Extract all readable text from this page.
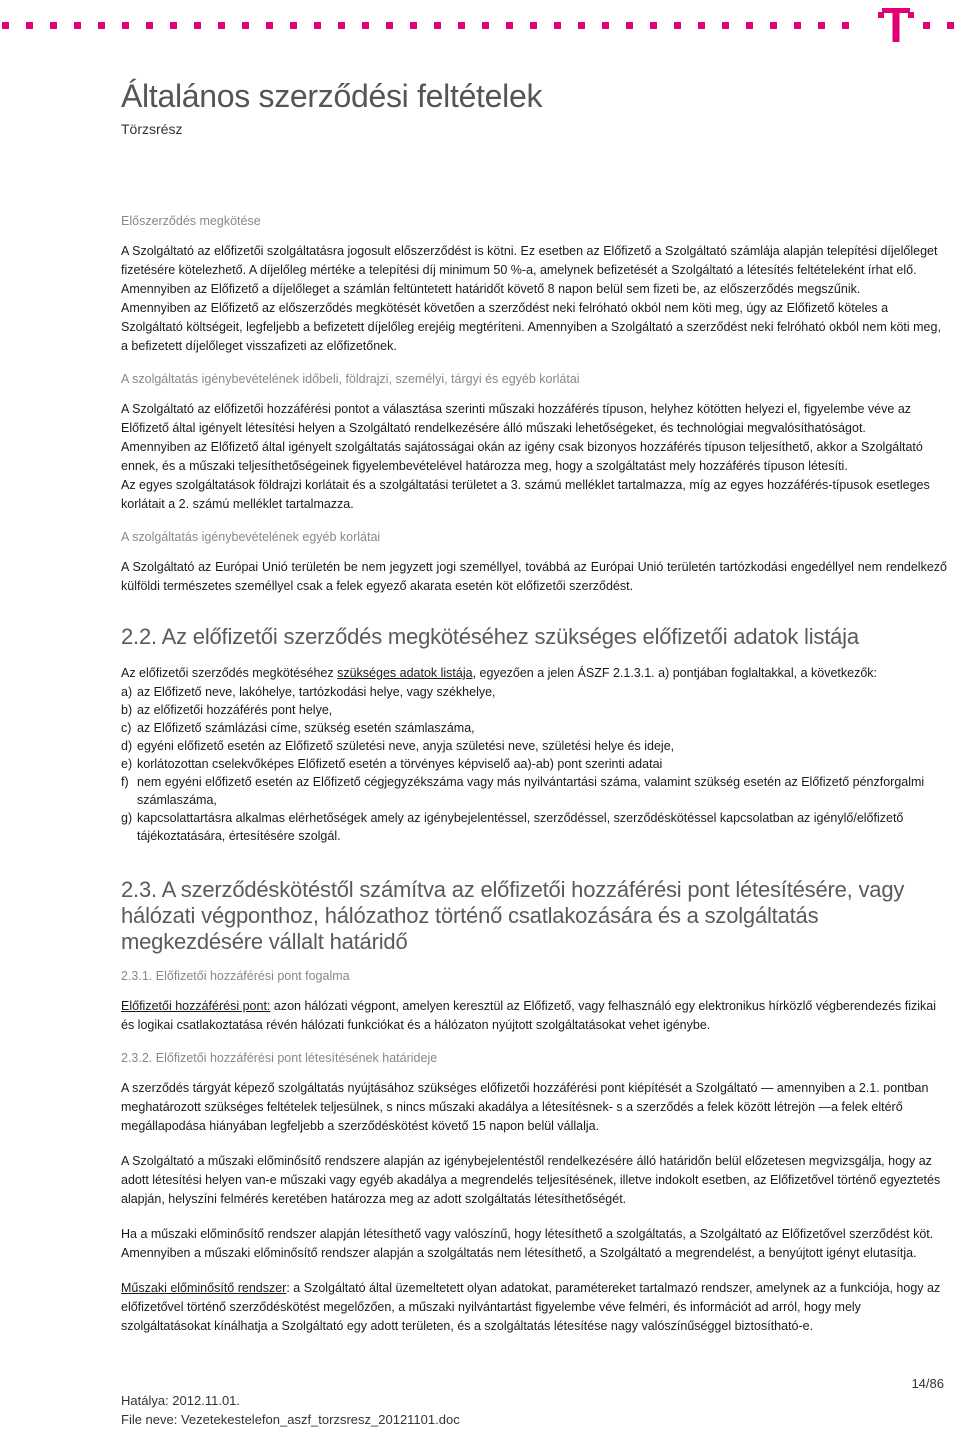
Általános szerződési feltételek
Törzsrész
Előszerződés megkötése

A Szolgáltató az előfizetői szolgáltatásra jogosult előszerződést is kötni. Ez esetben az Előfizető a Szolgáltató számlája alapján telepítési díjelőleget fizetésére kötelezhető. A díjelőleg mértéke a telepítési díj minimum 50 %-a, amelynek befizetését a Szolgáltató a létesítés feltételeként írhat elő. Amennyiben az Előfizető a díjelőleget a számlán feltüntetett határidőt követő 8 napon belül sem fizeti be, az előszerződés megszűnik.

Amennyiben az Előfizető az előszerződés megkötését követően a szerződést neki felróható okból nem köti meg, úgy az Előfizető köteles a Szolgáltató költségeit, legfeljebb a befizetett díjelőleg erejéig megtéríteni. Amennyiben a Szolgáltató a szerződést neki felróható okból nem köti meg, a befizetett díjelőleget visszafizeti az előfizetőnek.

A szolgáltatás igénybevételének időbeli, földrajzi, személyi, tárgyi és egyéb korlátai

A Szolgáltató az előfizetői hozzáférési pontot a választása szerinti műszaki hozzáférés típuson, helyhez kötötten helyezi el, figyelembe véve az Előfizető által igényelt létesítési helyen a Szolgáltató rendelkezésére álló műszaki lehetőségeket, és technológiai megvalósíthatóságot.

Amennyiben az Előfizető által igényelt szolgáltatás sajátosságai okán az igény csak bizonyos hozzáférés típuson teljesíthető, akkor a Szolgáltató ennek, és a műszaki teljesíthetőségeinek figyelembevételével határozza meg, hogy a szolgáltatást mely hozzáférés típuson létesíti.

Az egyes szolgáltatások földrajzi korlátait és a szolgáltatási területet a 3. számú melléklet tartalmazza, míg az egyes hozzáférés-típusok esetleges korlátait a 2. számú melléklet tartalmazza.

A szolgáltatás igénybevételének egyéb korlátai

A Szolgáltató az Európai Unió területén be nem jegyzett jogi személlyel, továbbá az Európai Unió területén tartózkodási engedéllyel nem rendelkező külföldi természetes személlyel csak a felek egyező akarata esetén köt előfizetői szerződést.

2.2. Az előfizetői szerződés megkötéséhez szükséges előfizetői adatok listája

Az előfizetői szerződés megkötéséhez szükséges adatok listája, egyezően a jelen ÁSZF 2.1.3.1. a) pontjában foglaltakkal, a következők:

a) az Előfizető neve, lakóhelye, tartózkodási helye, vagy székhelye,
b) az előfizetői hozzáférés pont helye,
c) az Előfizető számlázási címe, szükség esetén számlaszáma,
d) egyéni előfizető esetén az Előfizető születési neve, anyja születési neve, születési helye és ideje,
e) korlátozottan cselekvőképes Előfizető esetén a törvényes képviselő aa)-ab) pont szerinti adatai
f) nem egyéni előfizető esetén az Előfizető cégjegyzékszáma vagy más nyilvántartási száma, valamint szükség esetén az Előfizető pénzforgalmi számlaszáma,
g) kapcsolattartásra alkalmas elérhetőségek amely az igénybejelentéssel, szerződéssel, szerződéskötéssel kapcsolatban az igénylő/előfizető tájékoztatására, értesítésére szolgál.
2.3. A szerződéskötéstől számítva az előfizetői hozzáférési pont létesítésére, vagy hálózati végponthoz, hálózathoz történő csatlakozására és a szolgáltatás megkezdésére vállalt határidő
2.3.1. Előfizetői hozzáférési pont fogalma

Előfizetői hozzáférési pont: azon hálózati végpont, amelyen keresztül az Előfizető, vagy felhasználó egy elektronikus hírközlő végberendezés fizikai és logikai csatlakoztatása révén hálózati funkciókat és a hálózaton nyújtott szolgáltatásokat vehet igénybe.

2.3.2. Előfizetői hozzáférési pont létesítésének határideje

A szerződés tárgyát képező szolgáltatás nyújtásához szükséges előfizetői hozzáférési pont kiépítését a Szolgáltató — amennyiben a 2.1. pontban meghatározott szükséges feltételek teljesülnek, s nincs műszaki akadálya a létesítésnek- s a szerződés a felek között létrejön —a felek eltérő megállapodása hiányában legfeljebb a szerződéskötést követő 15 napon belül vállalja.

A Szolgáltató a műszaki előminősítő rendszere alapján az igénybejelentéstől rendelkezésére álló határidőn belül előzetesen megvizsgálja, hogy az adott létesítési helyen van-e műszaki vagy egyéb akadálya a megrendelés teljesítésének, illetve indokolt esetben, az Előfizetővel történő egyeztetés alapján, helyszíni felmérés keretében határozza meg az adott szolgáltatás létesíthetőségét.

Ha a műszaki előminősítő rendszer alapján létesíthető vagy valószínű, hogy létesíthető a szolgáltatás, a Szolgáltató az Előfizetővel szerződést köt. Amennyiben a műszaki előminősítő rendszer alapján a szolgáltatás nem létesíthető, a Szolgáltató a megrendelést, a benyújtott igényt elutasítja.

Műszaki előminősítő rendszer: a Szolgáltató által üzemeltetett olyan adatokat, paramétereket tartalmazó rendszer, amelynek az a funkciója, hogy az előfizetővel történő szerződéskötést megelőzően, a műszaki nyilvántartást figyelembe véve felméri, és információt ad arról, hogy mely szolgáltatásokat kínálhatja a Szolgáltató egy adott területen, és a szolgáltatás létesítése nagy valószínűséggel biztosítható-e.

14/86
Hatálya: 2012.11.01.
File neve: Vezetekestelefon_aszf_torzsresz_20121101.doc
